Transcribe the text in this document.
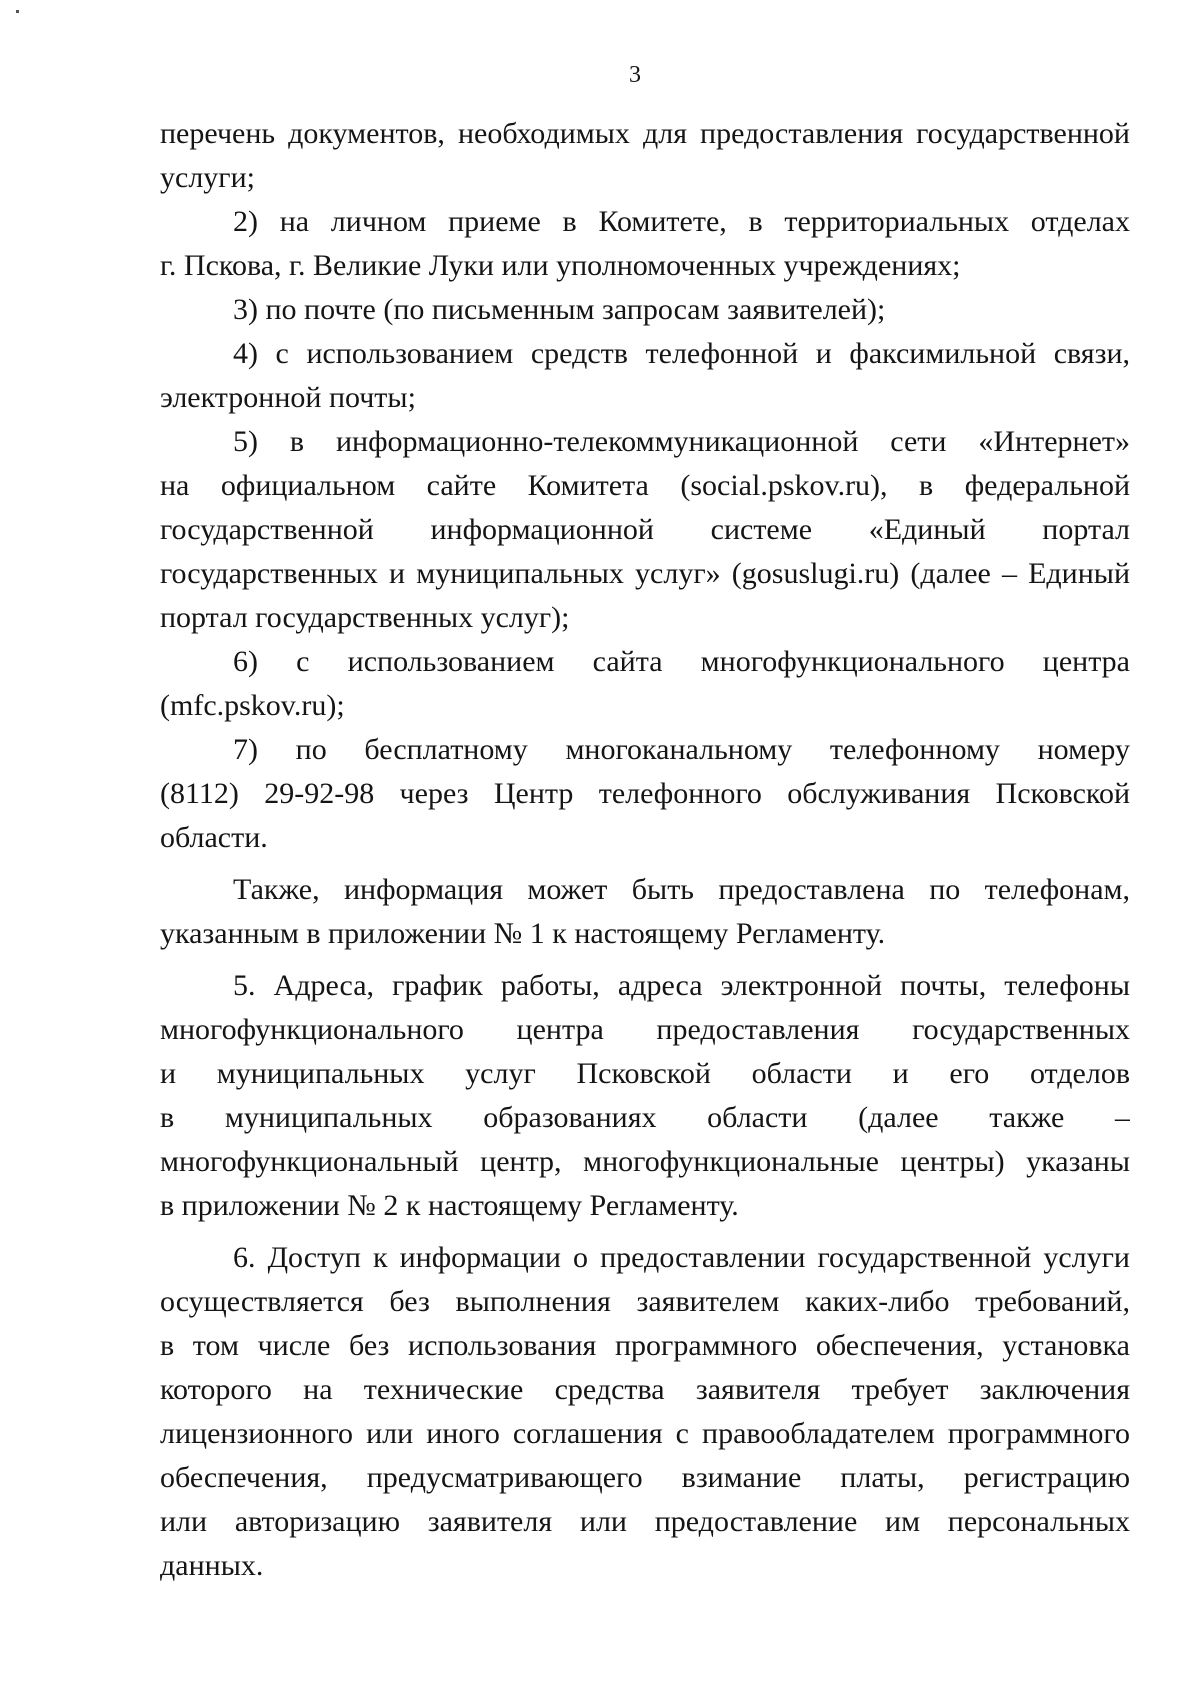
3
перечень документов, необходимых для предоставления государственной
услуги;
2) на личном приеме в Комитете, в территориальных отделах
г. Пскова, г. Великие Луки или уполномоченных учреждениях;
3) по почте (по письменным запросам заявителей);
4) с использованием средств телефонной и факсимильной связи,
электронной почты;
5) в информационно-телекоммуникационной сети «Интернет»
на официальном сайте Комитета (social.pskov.ru), в федеральной
государственной информационной системе «Единый портал
государственных и муниципальных услуг» (gosuslugi.ru) (далее – Единый
портал государственных услуг);
6) с использованием сайта многофункционального центра
(mfc.pskov.ru);
7) по бесплатному многоканальному телефонному номеру
(8112) 29-92-98 через Центр телефонного обслуживания Псковской
области.
Также, информация может быть предоставлена по телефонам,
указанным в приложении № 1 к настоящему Регламенту.
5. Адреса, график работы, адреса электронной почты, телефоны
многофункционального центра предоставления государственных
и муниципальных услуг Псковской области и его отделов
в муниципальных образованиях области (далее также –
многофункциональный центр, многофункциональные центры) указаны
в приложении № 2 к настоящему Регламенту.
6. Доступ к информации о предоставлении государственной услуги
осуществляется без выполнения заявителем каких-либо требований,
в том числе без использования программного обеспечения, установка
которого на технические средства заявителя требует заключения
лицензионного или иного соглашения с правообладателем программного
обеспечения, предусматривающего взимание платы, регистрацию
или авторизацию заявителя или предоставление им персональных
данных.
